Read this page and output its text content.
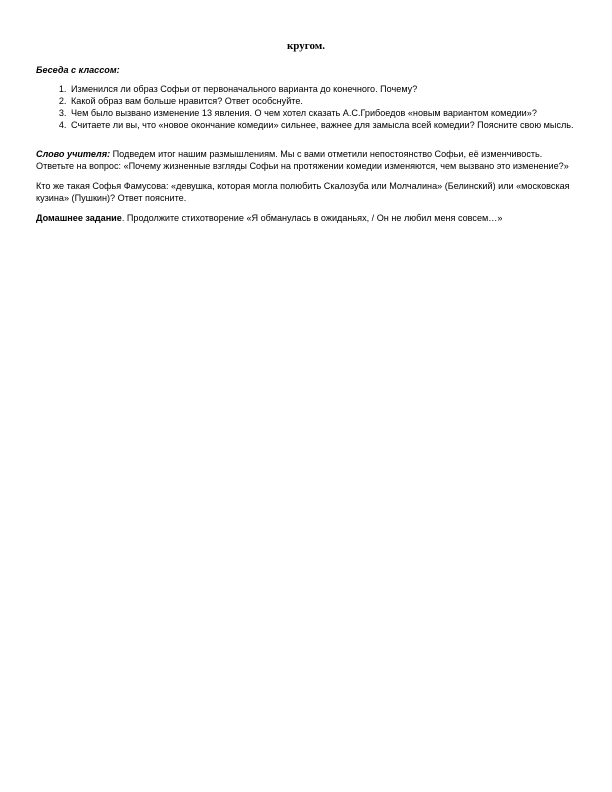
кругом.
Беседа с классом:
1. Изменился ли образ Софьи от первоначального варианта до конечного. Почему?
2. Какой образ вам больше нравится? Ответ особснуйте.
3. Чем было вызвано изменение 13 явления. О чем хотел сказать А.С.Грибоедов «новым вариантом комедии»?
4. Считаете ли вы, что «новое окончание комедии» сильнее, важнее для замысла всей комедии? Поясните свою мысль.

Слово учителя: Подведем итог нашим размышлениям. Мы с вами отметили непостоянство Софьи, её изменчивость. Ответьте на вопрос: «Почему жизненные взгляды Софьи на протяжении комедии изменяются, чем вызвано это изменение?»

Кто же такая Софья Фамусова: «девушка, которая могла полюбить Скалозуба или Молчалина» (Белинский) или «московская кузина» (Пушкин)? Ответ поясните.

Домашнее задание. Продолжите стихотворение «Я обманулась в ожиданьях, / Он не любил меня совсем…»
